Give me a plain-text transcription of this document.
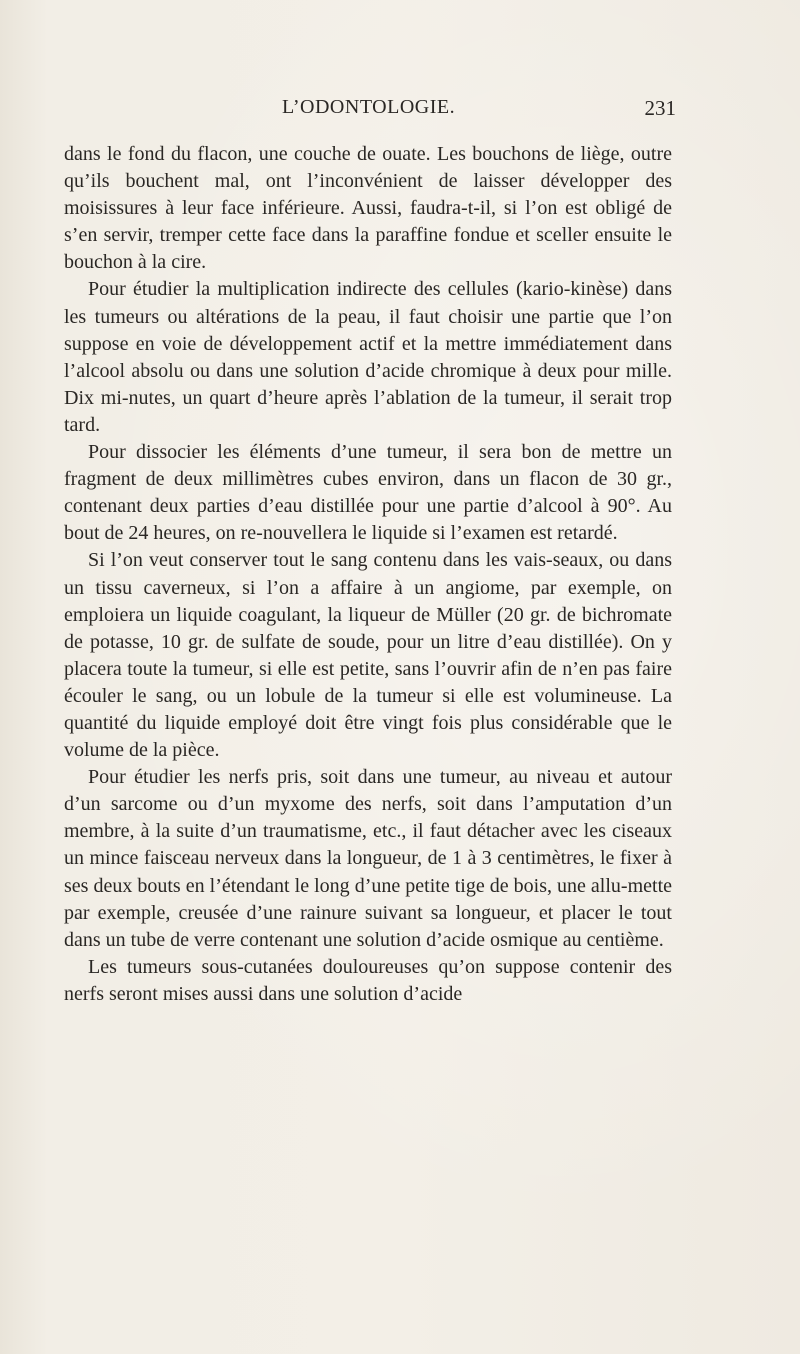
L’ODONTOLOGIE.	231

dans le fond du flacon, une couche de ouate. Les bouchons de liège, outre qu’ils bouchent mal, ont l’inconvénient de laisser développer des moisissures à leur face inférieure. Aussi, faudra-t-il, si l’on est obligé de s’en servir, tremper cette face dans la paraffine fondue et sceller ensuite le bouchon à la cire.

Pour étudier la multiplication indirecte des cellules (kario-kinèse) dans les tumeurs ou altérations de la peau, il faut choisir une partie que l’on suppose en voie de développement actif et la mettre immédiatement dans l’alcool absolu ou dans une solution d’acide chromique à deux pour mille. Dix mi-nutes, un quart d’heure après l’ablation de la tumeur, il serait trop tard.

Pour dissocier les éléments d’une tumeur, il sera bon de mettre un fragment de deux millimètres cubes environ, dans un flacon de 30 gr., contenant deux parties d’eau distillée pour une partie d’alcool à 90°. Au bout de 24 heures, on re-nouvellera le liquide si l’examen est retardé.

Si l’on veut conserver tout le sang contenu dans les vais-seaux, ou dans un tissu caverneux, si l’on a affaire à un angiome, par exemple, on emploiera un liquide coagulant, la liqueur de Müller (20 gr. de bichromate de potasse, 10 gr. de sulfate de soude, pour un litre d’eau distillée). On y placera toute la tumeur, si elle est petite, sans l’ouvrir afin de n’en pas faire écouler le sang, ou un lobule de la tumeur si elle est volumineuse. La quantité du liquide employé doit être vingt fois plus considérable que le volume de la pièce.

Pour étudier les nerfs pris, soit dans une tumeur, au niveau et autour d’un sarcome ou d’un myxome des nerfs, soit dans l’amputation d’un membre, à la suite d’un traumatisme, etc., il faut détacher avec les ciseaux un mince faisceau nerveux dans la longueur, de 1 à 3 centimètres, le fixer à ses deux bouts en l’étendant le long d’une petite tige de bois, une allu-mette par exemple, creusée d’une rainure suivant sa longueur, et placer le tout dans un tube de verre contenant une solution d’acide osmique au centième.

Les tumeurs sous-cutanées douloureuses qu’on suppose contenir des nerfs seront mises aussi dans une solution d’acide
